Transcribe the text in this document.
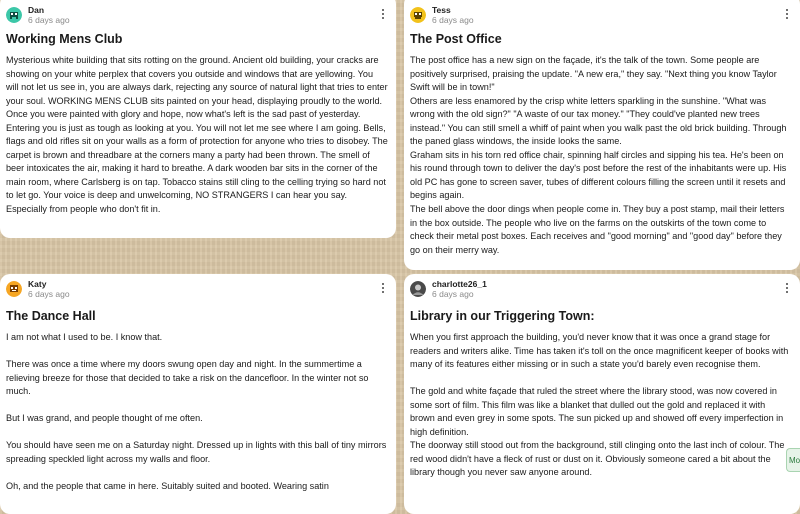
Dan
6 days ago
Working Mens Club
Mysterious white building that sits rotting on the ground. Ancient old building, your cracks are showing on your white perplex that covers you outside and windows that are yellowing. You will not let us see in, you are always dark, rejecting any source of natural light that tries to enter your soul. WORKING MENS CLUB sits painted on your head, displaying proudly to the world. Once you were painted with glory and hope, now what's left is the sad past of yesterday. Entering you is just as tough as looking at you. You will not let me see where I am going. Bells, flags and old rifles sit on your walls as a form of protection for anyone who tries to disobey. The carpet is brown and threadbare at the corners many a party had been thrown. The smell of beer intoxicates the air, making it hard to breathe. A dark wooden bar sits in the corner of the main room, where Carlsberg is on tap. Tobacco stains still cling to the celling trying so hard not to let go. Your voice is deep and unwelcoming, NO STRANGERS I can hear you say. Especially from people who don't fit in.
Tess
6 days ago
The Post Office
The post office has a new sign on the façade, it's the talk of the town. Some people are positively surprised, praising the update. "A new era," they say. "Next thing you know Taylor Swift will be in town!"
Others are less enamored by the crisp white letters sparkling in the sunshine. "What was wrong with the old sign?" "A waste of our tax money." "They could've planted new trees instead." You can still smell a whiff of paint when you walk past the old brick building. Through the paned glass windows, the inside looks the same.
Graham sits in his torn red office chair, spinning half circles and sipping his tea. He's been on his round through town to deliver the day's post before the rest of the inhabitants were up. His old PC has gone to screen saver, tubes of different colours filling the screen until it resets and begins again.
The bell above the door dings when people come in. They buy a post stamp, mail their letters in the box outside. The people who live on the farms on the outskirts of the town come to check their metal post boxes. Each receives and "good morning" and "good day" before they go on their merry way.
Katy
6 days ago
The Dance Hall
I am not what I used to be. I know that.

There was once a time where my doors swung open day and night. In the summertime a relieving breeze for those that decided to take a risk on the dancefloor. In the winter not so much.

But I was grand, and people thought of me often.

You should have seen me on a Saturday night. Dressed up in lights with this ball of tiny mirrors spreading speckled light across my walls and floor.

Oh, and the people that came in here. Suitably suited and booted. Wearing satin
charlotte26_1
6 days ago
Library in our Triggering Town:
When you first approach the building, you'd never know that it was once a grand stage for readers and writers alike. Time has taken it's toll on the once magnificent keeper of books with many of its features either missing or in such a state you'd barely even recognise them.

The gold and white façade that ruled the street where the library stood, was now covered in some sort of film. This film was like a blanket that dulled out the gold and replaced it with brown and even grey in some spots. The sun picked up and showed off every imperfection in high definition.
The doorway still stood out from the background, still clinging onto the last inch of colour. The red wood didn't have a fleck of rust or dust on it. Obviously someone cared a bit about the library though you never saw anyone around.
Mo
